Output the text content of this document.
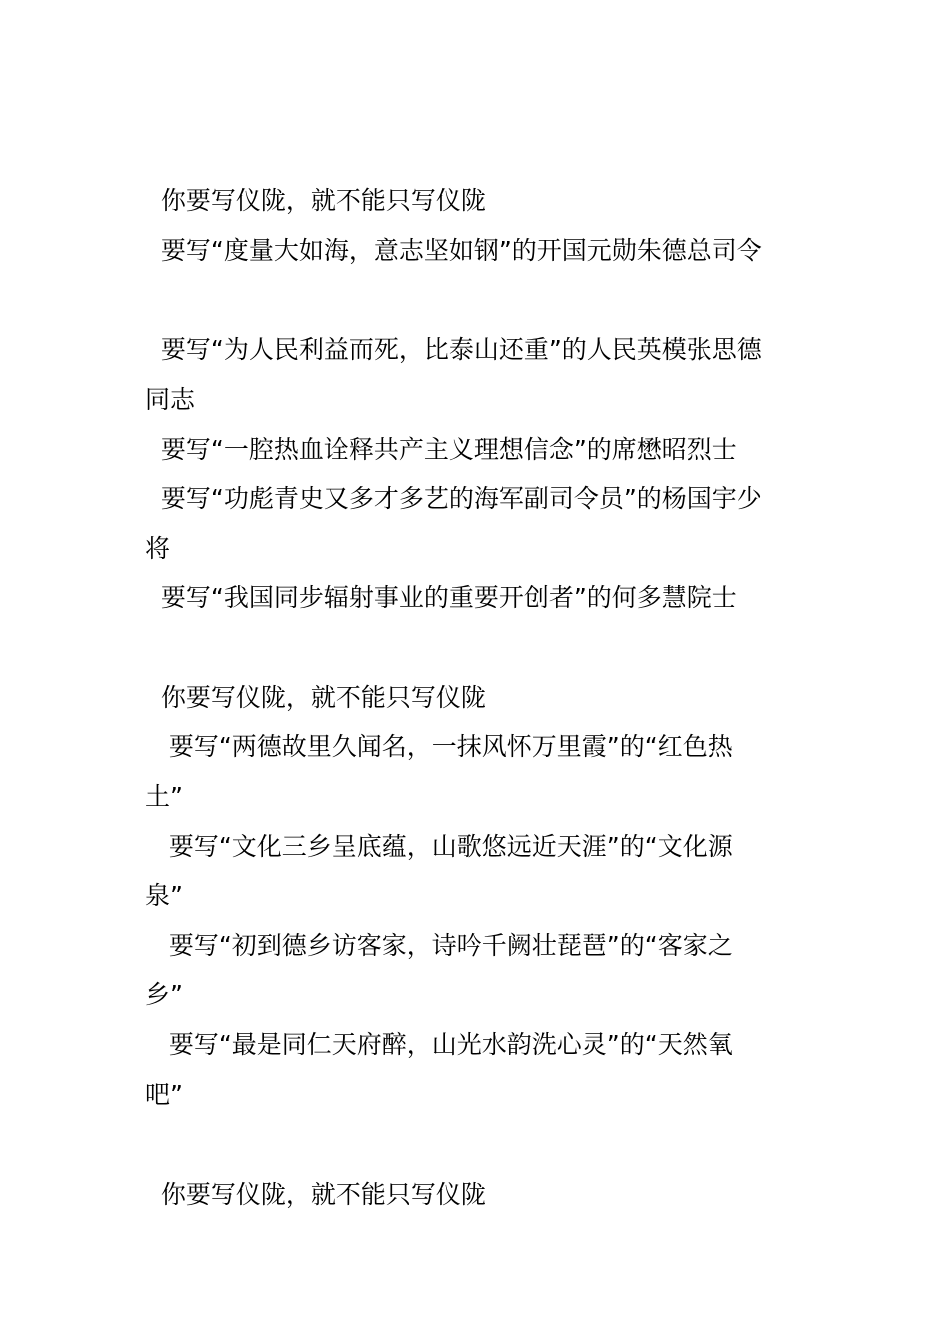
你要写仪陇，就不能只写仪陇

要写“度量大如海，意志坚如钢”的开国元勋朱德总司令

要写“为人民利益而死，比泰山还重”的人民英模张思德

同志

要写“一腔热血诠释共产主义理想信念”的席懋昭烈士

要写“功彪青史又多才多艺的海军副司令员”的杨国宇少

将

要写“我国同步辐射事业的重要开创者”的何多慧院士

你要写仪陇，就不能只写仪陇

要写“两德故里久闻名，一抹风怀万里霞”的“红色热

土”

要写“文化三乡呈底蕴，山歌悠远近天涯”的“文化源

泉”

要写“初到德乡访客家，诗吟千阙壮琵琶”的“客家之

乡”

要写“最是同仁天府醉，山光水韵洗心灵”的“天然氧

吧”

你要写仪陇，就不能只写仪陇
